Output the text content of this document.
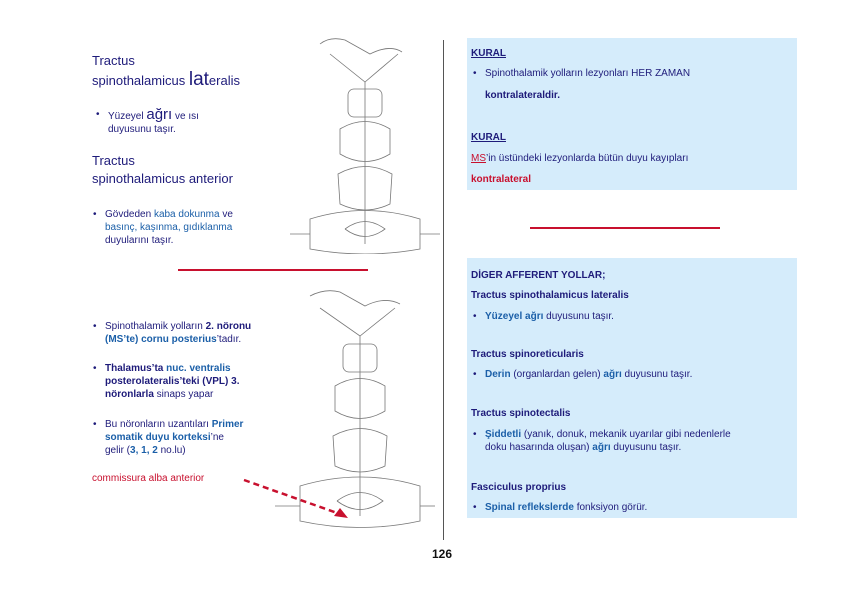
Tractus
spinothalamicus lateralis
• Yüzeyel ağrı ve ısı
duyusunu taşır.
Tractus
spinothalamicus anterior
• Gövdeden kaba dokunma ve
basınç, kaşınma, gıdıklanma
duyularını taşır.
KURAL
• Spinothalamik yolların lezyonları HER ZAMAN
kontralateraldir.
KURAL
MS’in üstündeki lezyonlarda bütün duyu kayıpları
kontralateral
• Spinothalamik yolların 2. nöronu
(MS’te) cornu posterius’tadır.
• Thalamus’ta nuc. ventralis
posterolateralis’teki (VPL) 3.
nöronlarla sinaps yapar
• Bu nöronların uzantıları Primer
somatik duyu korteksi’ne
gelir (3, 1, 2 no.lu)
commissura alba anterior
DİGER AFFERENT YOLLAR;
Tractus spinothalamicus lateralis
• Yüzeyel ağrı duyusunu taşır.
Tractus spinoreticularis
• Derin (organlardan gelen) ağrı duyusunu taşır.
Tractus spinotectalis
• Şiddetli (yanık, donuk, mekanik uyarılar gibi nedenlerle
doku hasarında oluşan) ağrı duyusunu taşır.
Fasciculus proprius
• Spinal reflekslerde fonksiyon görür.
126
